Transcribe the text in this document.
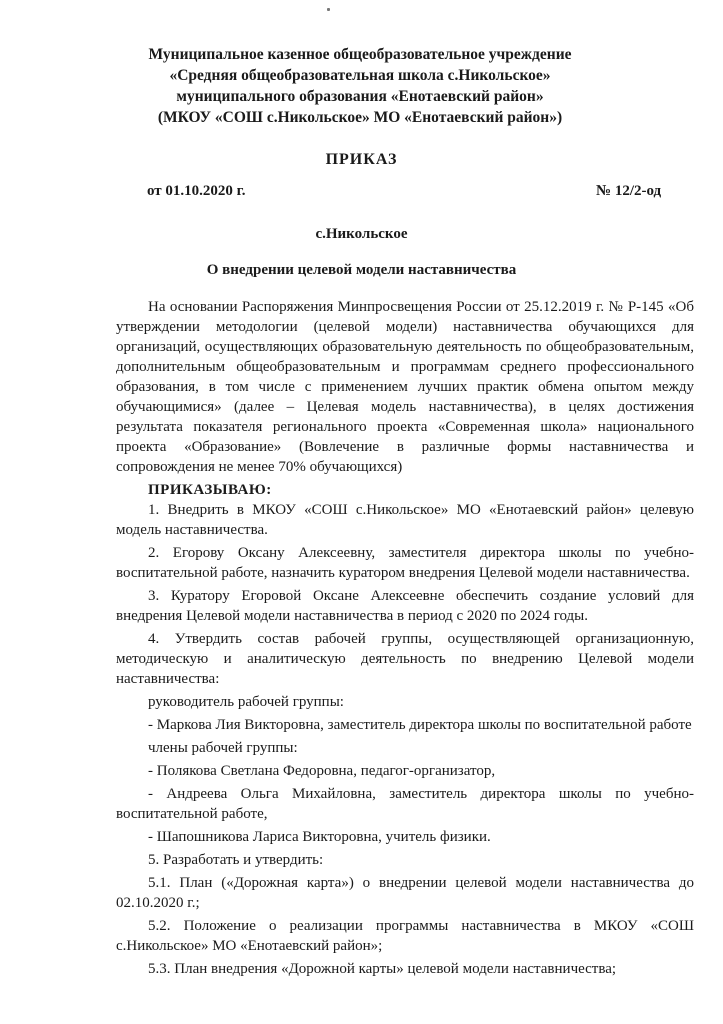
Муниципальное казенное общеобразовательное учреждение
«Средняя общеобразовательная школа с.Никольское»
муниципального образования «Енотаевский район»
(МКОУ «СОШ с.Никольское» МО «Енотаевский район»)
ПРИКАЗ
от 01.10.2020 г.	№ 12/2-од
с.Никольское
О внедрении целевой модели наставничества

На основании Распоряжения Минпросвещения России от 25.12.2019 г. № Р-145 «Об утверждении методологии (целевой модели) наставничества обучающихся для организаций, осуществляющих образовательную деятельность по общеобразовательным, дополнительным общеобразовательным и программам среднего профессионального образования, в том числе с применением лучших практик обмена опытом между обучающимися» (далее – Целевая модель наставничества), в целях достижения результата показателя регионального проекта «Современная школа» национального проекта «Образование» (Вовлечение в различные формы наставничества и сопровождения не менее 70% обучающихся)

ПРИКАЗЫВАЮ:

1. Внедрить в МКОУ «СОШ с.Никольское» МО «Енотаевский район» целевую модель наставничества.

2. Егорову Оксану Алексеевну, заместителя директора школы по учебно-воспитательной работе, назначить куратором внедрения Целевой модели наставничества.

3. Куратору Егоровой Оксане Алексеевне обеспечить создание условий для внедрения Целевой модели наставничества в период с 2020 по 2024 годы.

4. Утвердить состав рабочей группы, осуществляющей организационную, методическую и аналитическую деятельность по внедрению Целевой модели наставничества:

руководитель рабочей группы:

- Маркова Лия Викторовна, заместитель директора школы по воспитательной работе

члены рабочей группы:

- Полякова Светлана Федоровна, педагог-организатор,

- Андреева Ольга Михайловна, заместитель директора школы по учебно-воспитательной работе,

- Шапошникова Лариса Викторовна, учитель физики.

5. Разработать и утвердить:

5.1. План («Дорожная карта») о внедрении целевой модели наставничества до 02.10.2020 г.;

5.2. Положение о реализации программы наставничества в МКОУ «СОШ с.Никольское» МО «Енотаевский район»;

5.3. План внедрения «Дорожной карты» целевой модели наставничества;
